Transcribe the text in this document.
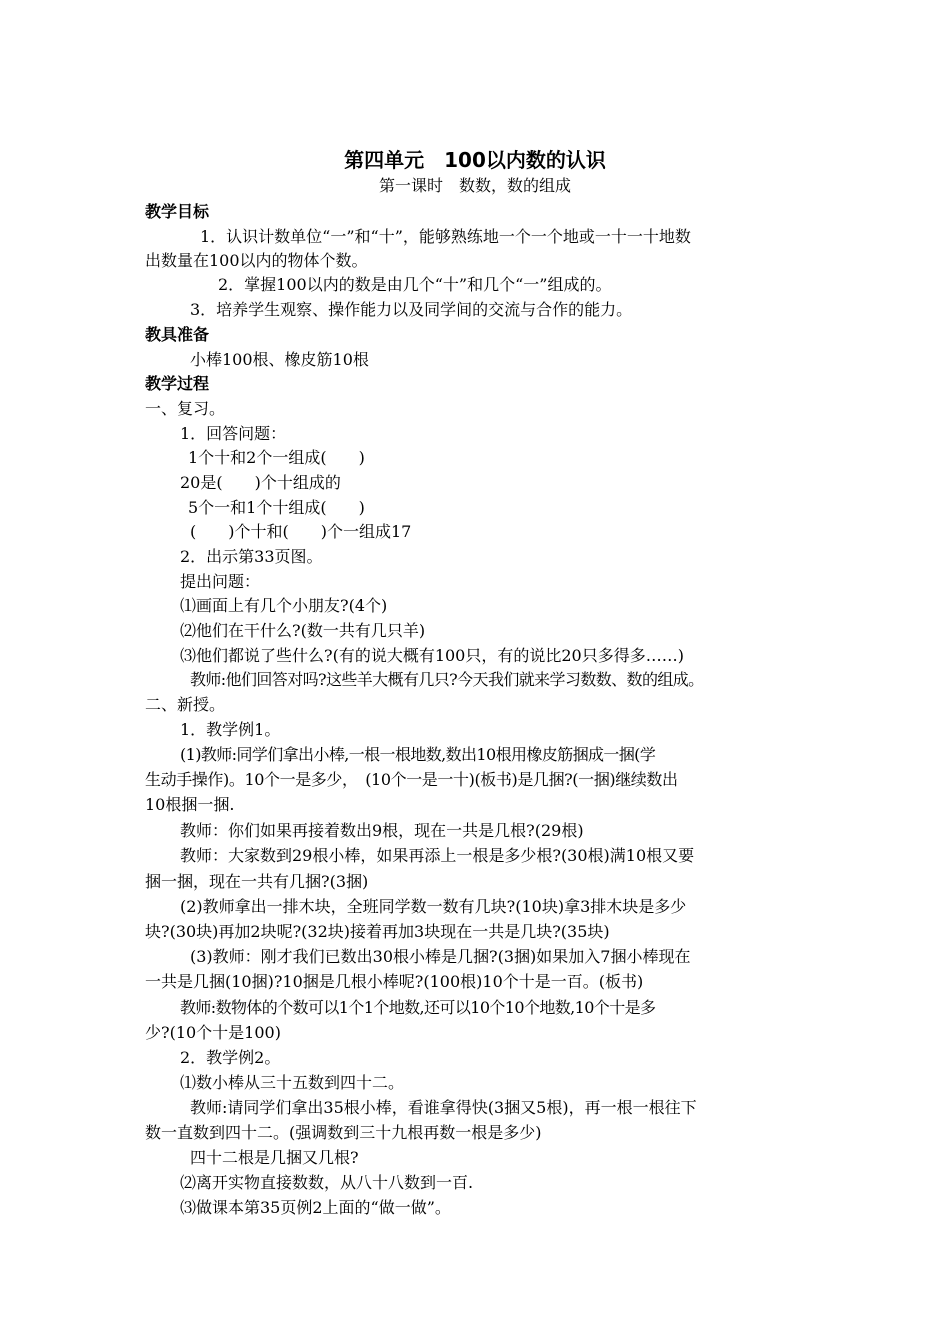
第四单元　100以内数的认识
第一课时　数数，数的组成
教学目标
1．认识计数单位“一”和“十”，能够熟练地一个一个地或一十一十地数
出数量在100以内的物体个数。
2．掌握100以内的数是由几个“十”和几个“一”组成的。
3．培养学生观察、操作能力以及同学间的交流与合作的能力。
教具准备
小棒100根、橡皮筋10根
教学过程
一、复习。
1．回答问题：
1个十和2个一组成(　　)
20是(　　)个十组成的
5个一和1个十组成(　　)
(　　)个十和(　　)个一组成17
2．出示第33页图。
提出问题：
⑴画面上有几个小朋友?(4个)
⑵他们在干什么?(数一共有几只羊)
⑶他们都说了些什么?(有的说大概有100只，有的说比20只多得多……)
教师:他们回答对吗?这些羊大概有几只?今天我们就来学习数数、数的组成。
二、新授。
1．教学例1。
(1)教师:同学们拿出小棒,一根一根地数,数出10根用橡皮筋捆成一捆(学
生动手操作)。10个一是多少，　(10个一是一十)(板书)是几捆?(一捆)继续数出
10根捆一捆.
教师：你们如果再接着数出9根，现在一共是几根?(29根)
教师：大家数到29根小棒，如果再添上一根是多少根?(30根)满10根又要
捆一捆，现在一共有几捆?(3捆)
(2)教师拿出一排木块，全班同学数一数有几块?(10块)拿3排木块是多少
块?(30块)再加2块呢?(32块)接着再加3块现在一共是几块?(35块)
(3)教师：刚才我们已数出30根小棒是几捆?(3捆)如果加入7捆小棒现在
一共是几捆(10捆)?10捆是几根小棒呢?(100根)10个十是一百。(板书)
教师:数物体的个数可以1个1个地数,还可以10个10个地数,10个十是多
少?(10个十是100)
2．教学例2。
⑴数小棒从三十五数到四十二。
教师:请同学们拿出35根小棒，看谁拿得快(3捆又5根)，再一根一根往下
数一直数到四十二。(强调数到三十九根再数一根是多少)
四十二根是几捆又几根?
⑵离开实物直接数数，从八十八数到一百.
⑶做课本第35页例2上面的“做一做”。
